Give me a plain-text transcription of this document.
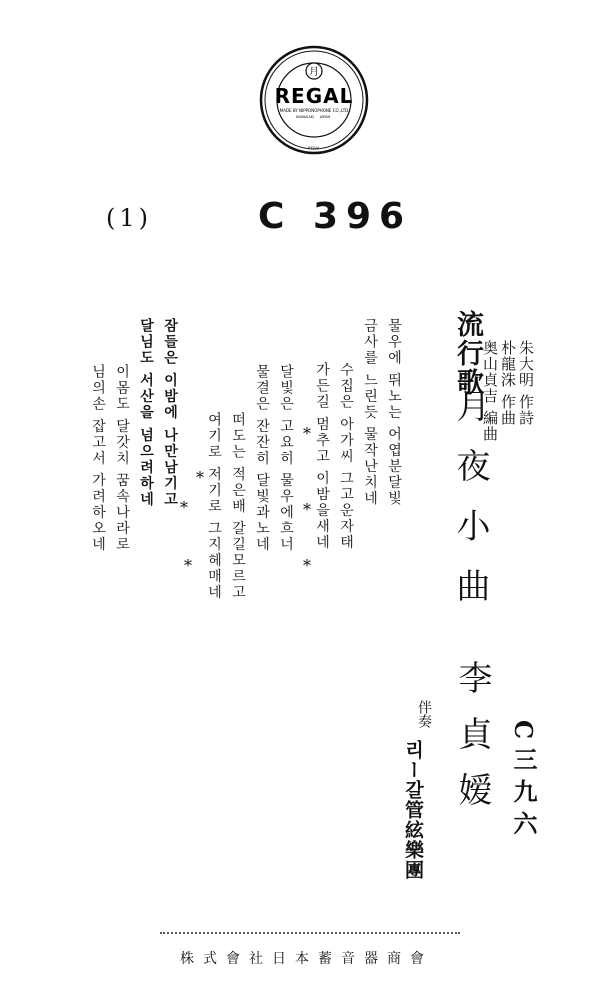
月
REGAL
MADE BY NIPPONOPHONE CO.,LTD
KAWASAKI JAPAN
REGAL
(1)	C 396
流行歌
月夜小曲
朱大明 作詩
朴龍洙 作曲
奥山貞吉 編曲
李貞嫒
伴奏
리ー갈管絃樂團	C三九六
물우에 뛰노는 어엽분달빛
금사를 느린듯 물작난치네
수집은 아가씨 그고운자태
가든길 멈추고 이밤을새네
*
*
*
달빛은 고요히 물우에흐너
물결은 잔잔히 달빛과노네
떠도는 적은배 갈길모르고
여기로 저기로 그지헤매네
*
*
*
잠들은 이밤에 나만남기고
달님도 서산을 넘으려하네
이몸도 달갓치 꿈속나라로
님의손 잡고서 가려하오네
株式會社日本蓄音器商會
